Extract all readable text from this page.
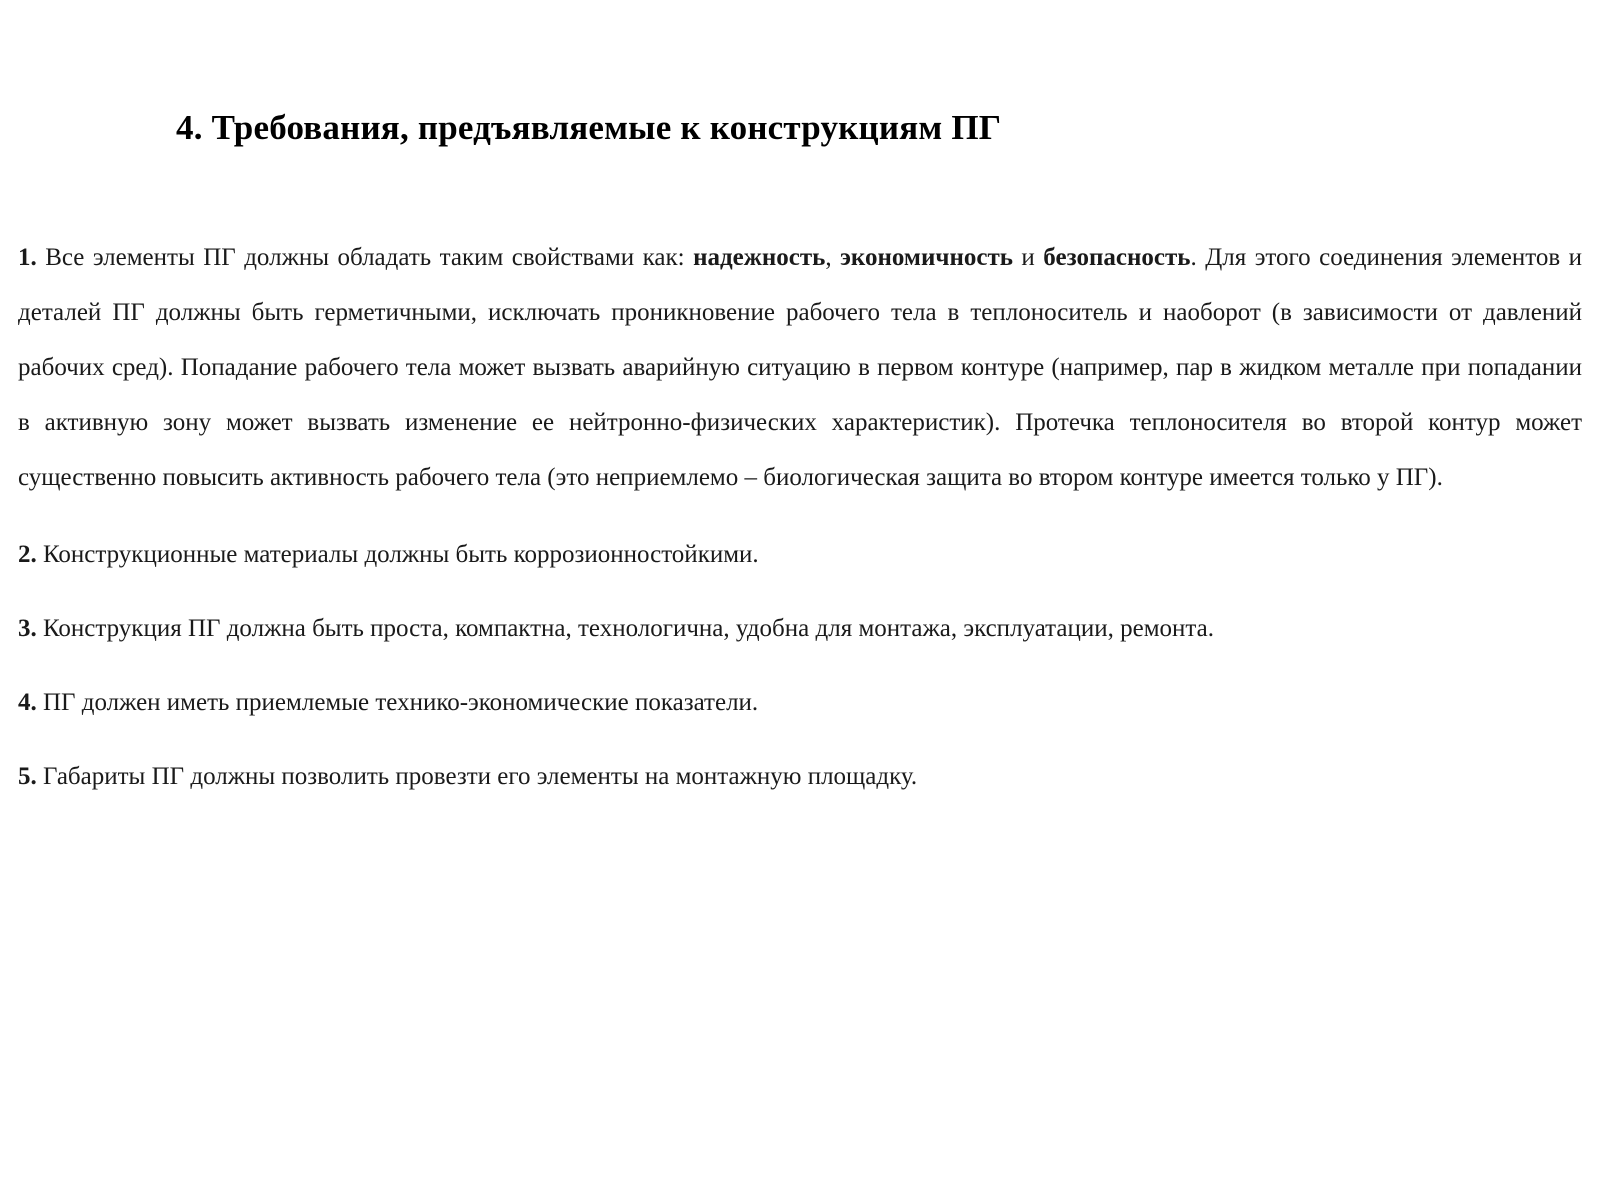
4. Требования, предъявляемые к конструкциям ПГ

1. Все элементы ПГ должны обладать таким свойствами как: надежность, экономичность и безопасность. Для этого соединения элементов и деталей ПГ должны быть герметичными, исключать проникновение рабочего тела в теплоноситель и наоборот (в зависимости от давлений рабочих сред). Попадание рабочего тела может вызвать аварийную ситуацию в первом контуре (например, пар в жидком металле при попадании в активную зону может вызвать изменение ее нейтронно-физических характеристик). Протечка теплоносителя во второй контур может существенно повысить активность рабочего тела (это неприемлемо – биологическая защита во втором контуре имеется только у ПГ).

2. Конструкционные материалы должны быть коррозионностойкими.

3. Конструкция ПГ должна быть проста, компактна, технологична, удобна для монтажа, эксплуатации, ремонта.

4. ПГ должен иметь приемлемые технико-экономические показатели.

5. Габариты ПГ должны позволить провезти его элементы на монтажную площадку.
